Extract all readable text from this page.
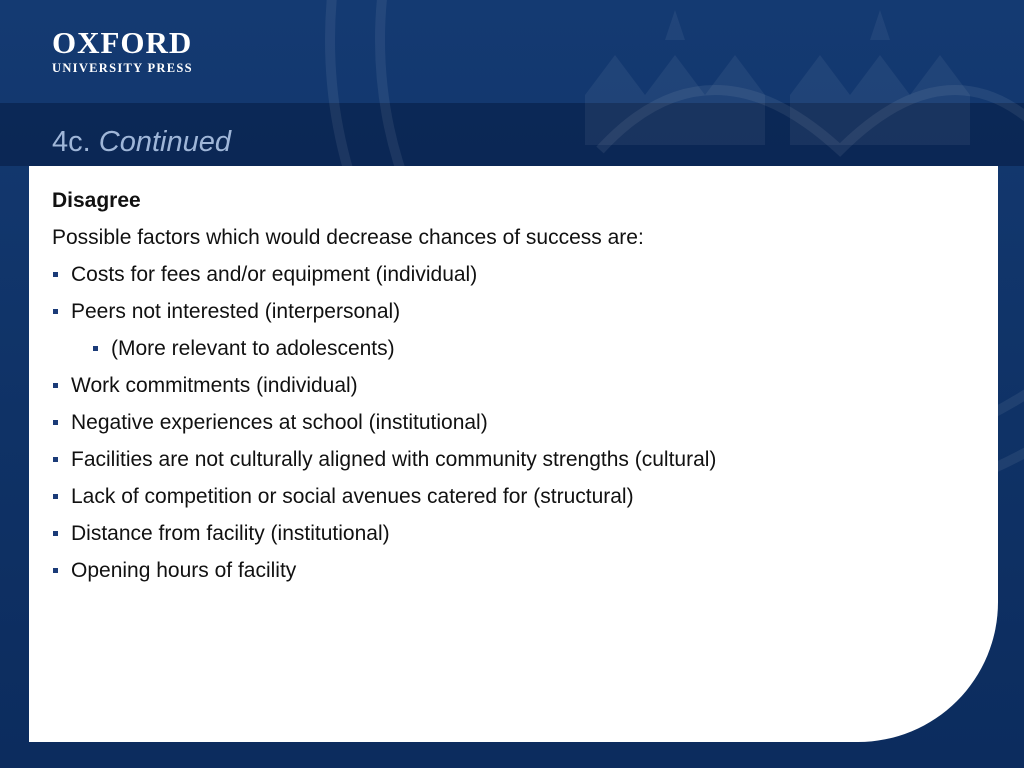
OXFORD
UNIVERSITY PRESS
4c. Continued
Disagree
Possible factors which would decrease chances of success are:
Costs for fees and/or equipment (individual)
Peers not interested (interpersonal)
(More relevant to adolescents)
Work commitments (individual)
Negative experiences at school (institutional)
Facilities are not culturally aligned with community strengths (cultural)
Lack of competition or social avenues catered for (structural)
Distance from facility (institutional)
Opening hours of facility
